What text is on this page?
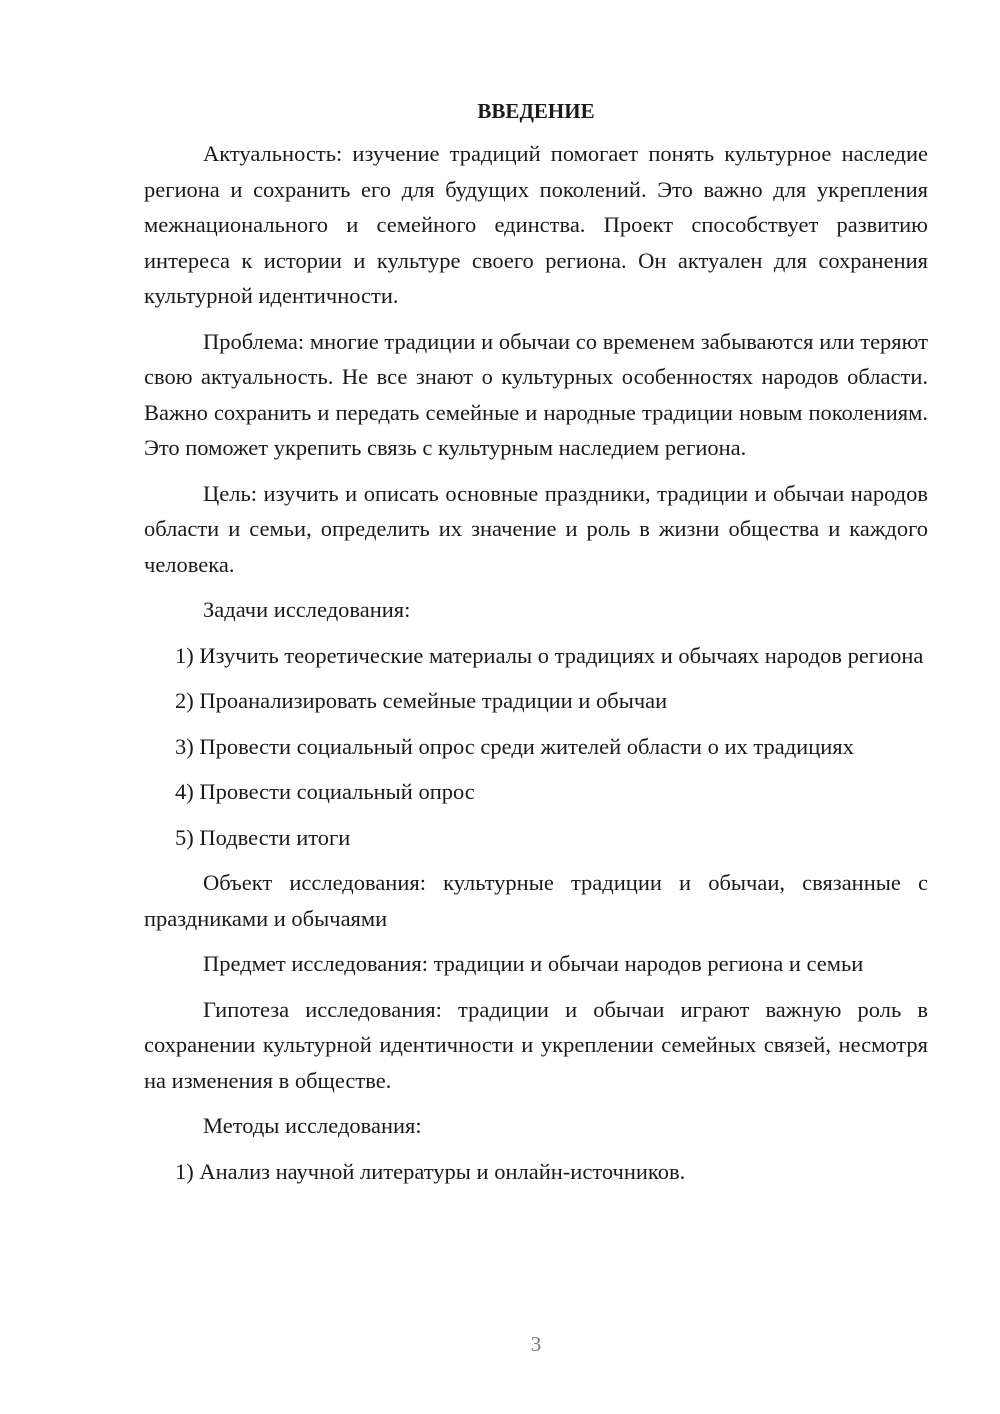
ВВЕДЕНИЕ

Актуальность: изучение традиций помогает понять культурное наследие региона и сохранить его для будущих поколений. Это важно для укрепления межнационального и семейного единства. Проект способствует развитию интереса к истории и культуре своего региона. Он актуален для сохранения культурной идентичности.

Проблема: многие традиции и обычаи со временем забываются или теряют свою актуальность. Не все знают о культурных особенностях народов области. Важно сохранить и передать семейные и народные традиции новым поколениям. Это поможет укрепить связь с культурным наследием региона.

Цель: изучить и описать основные праздники, традиции и обычаи народов области и семьи, определить их значение и роль в жизни общества и каждого человека.

Задачи исследования:

1) Изучить теоретические материалы о традициях и обычаях народов региона

2) Проанализировать семейные традиции и обычаи

3) Провести социальный опрос среди жителей области о их традициях

4) Провести социальный опрос

5) Подвести итоги

Объект исследования: культурные традиции и обычаи, связанные с праздниками и обычаями

Предмет исследования: традиции и обычаи народов региона и семьи

Гипотеза исследования: традиции и обычаи играют важную роль в сохранении культурной идентичности и укреплении семейных связей, несмотря на изменения в обществе.

Методы исследования:

1) Анализ научной литературы и онлайн-источников.

3
